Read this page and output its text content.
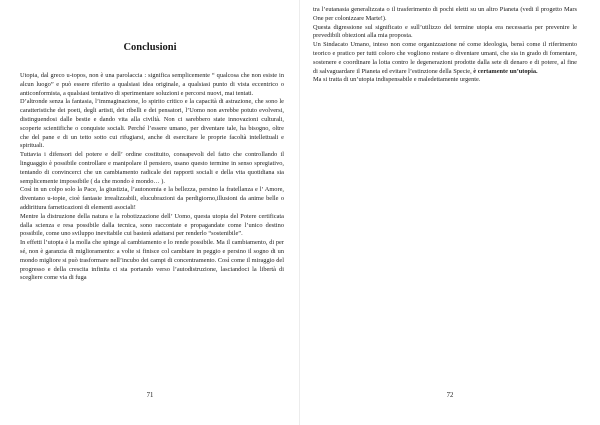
Conclusioni

Utopia, dal greco u-topos, non è una parolaccia : significa semplicemente “ qualcosa che non esiste in alcun luogo” e può essere riferito a qualsiasi idea originale, a qualsiasi punto di vista eccentrico o anticonformista, a qualsiasi tentativo di sperimentare soluzioni e percorsi nuovi, mai tentati.

D’altronde senza la fantasia, l’immaginazione, lo spirito critico e la capacità di astrazione, che sono le caratteristiche dei poeti, degli artisti, dei ribelli e dei pensatori, l’Uomo non avrebbe potuto evolversi, distinguendosi dalle bestie e dando vita alla civiltà. Non ci sarebbero state innovazioni culturali, scoperte scientifiche o conquiste sociali. Perché l’essere umano, per diventare tale, ha bisogno, oltre che del pane e di un tetto sotto cui rifugiarsi, anche di esercitare le proprie facoltà intellettuali e spirituali.

Tuttavia i difensori del potere e dell’ ordine costituito, consapevoli del fatto che controllando il linguaggio è possibile controllare e manipolare il pensiero, usano questo termine in senso spregiativo, tentando di convincerci che un cambiamento radicale dei rapporti sociali e della vita quotidiana sia semplicemente impossibile ( da che mondo è mondo… ).

Così in un colpo solo la Pace, la giustizia, l’autonomia e la bellezza, persino la fratellanza e l’ Amore, diventano u-topie, cioè fantasie irrealizzabili, elucubrazioni da perdigiorno,illusioni da anime belle o addirittura farneticazioni di elementi asociali!

Mentre la distruzione della natura e la robotizzazione dell’ Uomo, questa utopia del Potere certificata dalla scienza e resa possibile dalla tecnica, sono raccontate e propagandate come l’unico destino possibile, come uno sviluppo inevitabile cui basterà adattarsi per renderlo “sostenibile”.

In effetti l’utopia è la molla che spinge al cambiamento e lo rende possibile. Ma il cambiamento, di per sé, non è garanzia di miglioramento: a volte si finisce col cambiare in peggio e persino il sogno di un mondo migliore si può trasformare nell’incubo dei campi di concentramento. Così come il miraggio del progresso e della crescita infinita ci sta portando verso l’autodistruzione, lasciandoci la libertà di scegliere come via di fuga

71	72

tra l’eutanasia generalizzata o il trasferimento di pochi eletti su un altro Pianeta (vedi il progetto Mars One per colonizzare Marte!).

Questa digressione sul significato e sull’utilizzo del termine utopia era necessaria per prevenire le prevedibili obiezioni alla mia proposta.

Un Sindacato Umano, inteso non come organizzazione né come ideologia, bensì come il riferimento teorico e pratico per tutti coloro che vogliono restare o diventare umani, che sia in grado di fomentare, sostenere e coordinare la lotta contro le degenerazioni prodotte dalla sete di denaro e di potere, al fine di salvaguardare il Pianeta ed evitare l’estinzione della Specie, è certamente un’utopia.

Ma si tratta di un’utopia indispensabile e maledettamente urgente.
